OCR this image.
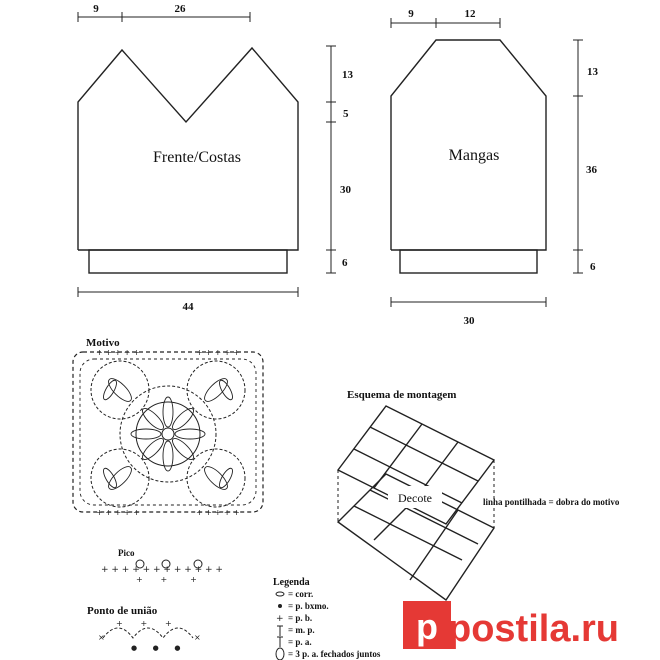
Frente/Costas
9	26
13
5
30
6
44
Mangas
9	12
13
36
6
30
Motivo
+ + + + +	+ + + + +
+ + + + +	+ + + + +
Esquema de montagem
Decote	linha pontilhada = dobra do motivo
Pico
+ + + + + + + + + + + +
+       +         +
Ponto de união
×	×
+       +       +
●       ●       ●
Legenda
= corr.
= p. bxmo.
+ = p. b.
= m. p.
= p. a.
= 3 p. a. fechados juntos
p postila.ru
